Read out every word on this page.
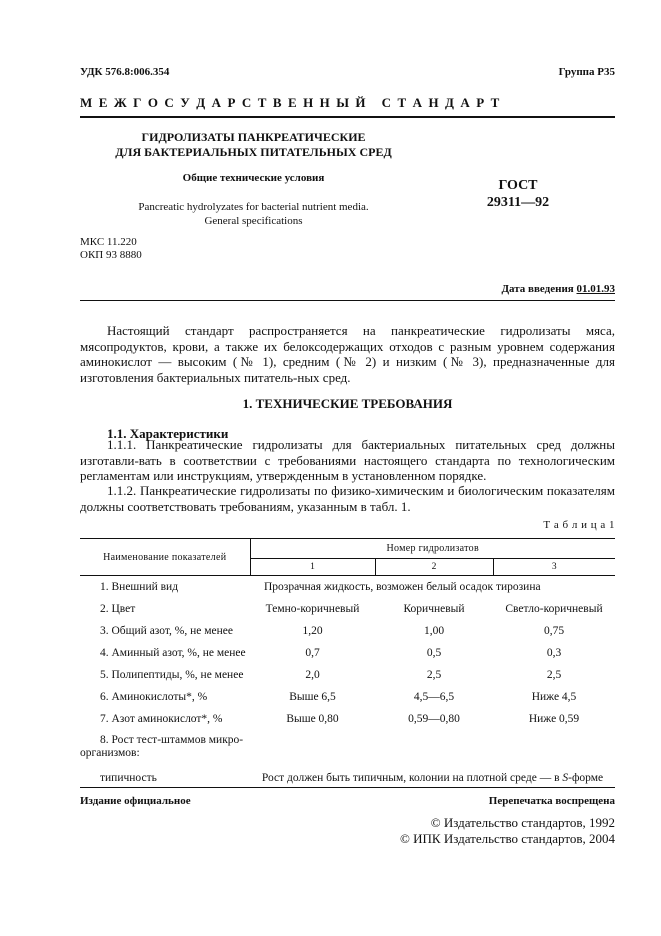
УДК 576.8:006.354	Группа Р35
М Е Ж Г О С У Д А Р С Т В Е Н Н Ы Й   С Т А Н Д А Р Т
ГИДРОЛИЗАТЫ ПАНКРЕАТИЧЕСКИЕ
ДЛЯ БАКТЕРИАЛЬНЫХ ПИТАТЕЛЬНЫХ СРЕД
Общие технические условия
Pancreatic hydrolyzates for bacterial nutrient media.
General specifications
ГОСТ
29311—92
МКС 11.220
ОКП 93 8880
Дата введения 01.01.93

Настоящий стандарт распространяется на панкреатические гидролизаты мяса, мясопродуктов, крови, а также их белоксодержащих отходов с разным уровнем содержания аминокислот — высоким (№ 1), средним (№ 2) и низким (№ 3), предназначенные для изготовления бактериальных питатель-ных сред.

1. ТЕХНИЧЕСКИЕ ТРЕБОВАНИЯ
1.1. Характеристики

1.1.1. Панкреатические гидролизаты для бактериальных питательных сред должны изготавли-вать в соответствии с требованиями настоящего стандарта по технологическим регламентам или инструкциям, утвержденным в установленном порядке.

1.1.2. Панкреатические гидролизаты по физико-химическим и биологическим показателям должны соответствовать требованиям, указанным в табл. 1.

Т а б л и ц а 1
Наименование показателей	Номер гидролизатов		
	1	2	3
1. Внешний вид	Прозрачная жидкость, возможен белый осадок тирозина		
2. Цвет	Темно-коричневый	Коричневый	Светло-коричневый
3. Общий азот, %, не менее	1,20	1,00	0,75
4. Аминный азот, %, не менее	0,7	0,5	0,3
5. Полипептиды, %, не менее	2,0	2,5	2,5
6. Аминокислоты*, %	Выше 6,5	4,5—6,5	Ниже 4,5
7. Азот аминокислот*, %	Выше 0,80	0,59—0,80	Ниже 0,59

8. Рост тест-штаммов микро-
организмов:			

типичность	Рост должен быть типичным, колонии на плотной среде — в S-форме		
Издание официальное	Перепечатка воспрещена
© Издательство стандартов, 1992
© ИПК Издательство стандартов, 2004
